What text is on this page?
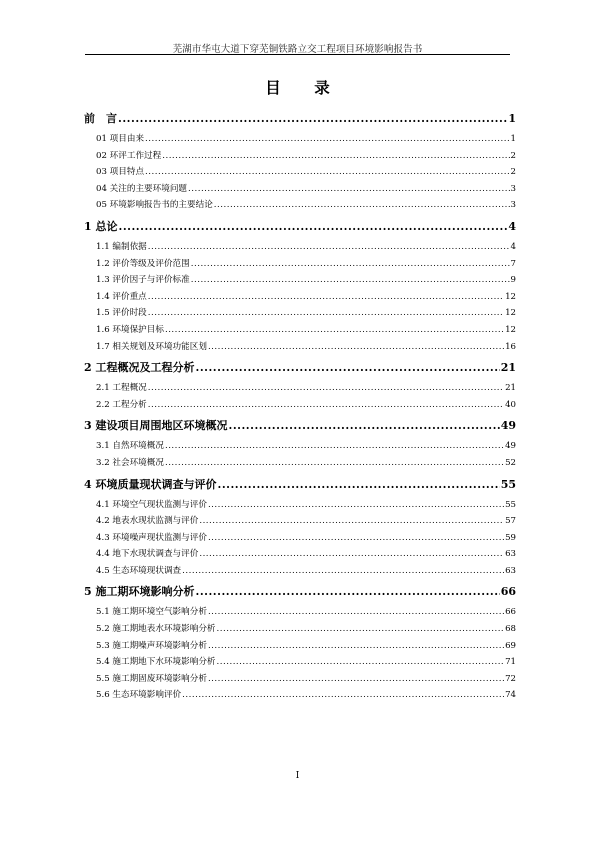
芜湖市华屯大道下穿芜铜铁路立交工程项目环境影响报告书
目 录
前　言 .....	1
01 项目由来 .....	1
02 环评工作过程 .....	2
03 项目特点 .....	2
04 关注的主要环境问题 .....	3
05 环境影响报告书的主要结论 .....	3
1 总论 .....	4
1.1 编制依据 .....	4
1.2 评价等级及评价范围 .....	7
1.3 评价因子与评价标准 .....	9
1.4 评价重点 .....	12
1.5 评价时段 .....	12
1.6 环境保护目标 .....	12
1.7 相关规划及环境功能区划 .....	16
2 工程概况及工程分析 .....	21
2.1 工程概况 .....	21
2.2 工程分析 .....	40
3 建设项目周围地区环境概况 .....	49
3.1 自然环境概况 .....	49
3.2 社会环境概况 .....	52
4 环境质量现状调查与评价 .....	55
4.1 环境空气现状监测与评价 .....	55
4.2 地表水现状监测与评价 .....	57
4.3 环境噪声现状监测与评价 .....	59
4.4 地下水现状调查与评价 .....	63
4.5 生态环境现状调查 .....	63
5 施工期环境影响分析 .....	66
5.1 施工期环境空气影响分析 .....	66
5.2 施工期地表水环境影响分析 .....	68
5.3 施工期噪声环境影响分析 .....	69
5.4 施工期地下水环境影响分析 .....	71
5.5 施工期固废环境影响分析 .....	72
5.6 生态环境影响评价 .....	74
I
